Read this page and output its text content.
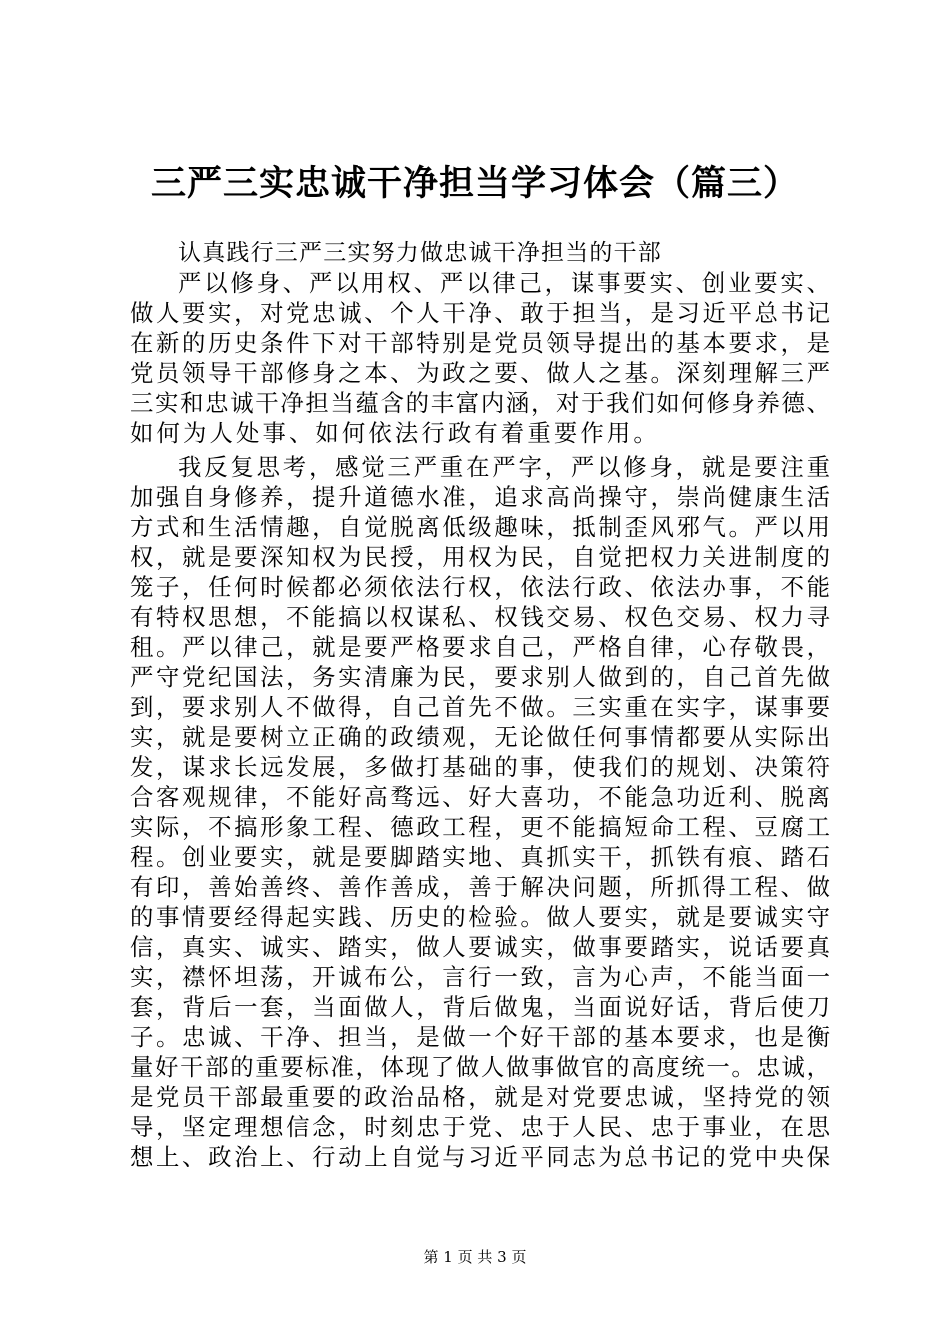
三严三实忠诚干净担当学习体会（篇三）
认真践行三严三实努力做忠诚干净担当的干部
严以修身、严以用权、严以律己，谋事要实、创业要实、
做人要实，对党忠诚、个人干净、敢于担当，是习近平总书记
在新的历史条件下对干部特别是党员领导提出的基本要求，是
党员领导干部修身之本、为政之要、做人之基。深刻理解三严
三实和忠诚干净担当蕴含的丰富内涵，对于我们如何修身养德、
如何为人处事、如何依法行政有着重要作用。
我反复思考，感觉三严重在严字，严以修身，就是要注重
加强自身修养，提升道德水准，追求高尚操守，崇尚健康生活
方式和生活情趣，自觉脱离低级趣味，抵制歪风邪气。严以用
权，就是要深知权为民授，用权为民，自觉把权力关进制度的
笼子，任何时候都必须依法行权，依法行政、依法办事，不能
有特权思想，不能搞以权谋私、权钱交易、权色交易、权力寻
租。严以律己，就是要严格要求自己，严格自律，心存敬畏，
严守党纪国法，务实清廉为民，要求别人做到的，自己首先做
到，要求别人不做得，自己首先不做。三实重在实字，谋事要
实，就是要树立正确的政绩观，无论做任何事情都要从实际出
发，谋求长远发展，多做打基础的事，使我们的规划、决策符
合客观规律，不能好高骛远、好大喜功，不能急功近利、脱离
实际，不搞形象工程、德政工程，更不能搞短命工程、豆腐工
程。创业要实，就是要脚踏实地、真抓实干，抓铁有痕、踏石
有印，善始善终、善作善成，善于解决问题，所抓得工程、做
的事情要经得起实践、历史的检验。做人要实，就是要诚实守
信，真实、诚实、踏实，做人要诚实，做事要踏实，说话要真
实，襟怀坦荡，开诚布公，言行一致，言为心声，不能当面一
套，背后一套，当面做人，背后做鬼，当面说好话，背后使刀
子。忠诚、干净、担当，是做一个好干部的基本要求，也是衡
量好干部的重要标准，体现了做人做事做官的高度统一。忠诚，
是党员干部最重要的政治品格，就是对党要忠诚，坚持党的领
导，坚定理想信念，时刻忠于党、忠于人民、忠于事业，在思
想上、政治上、行动上自觉与习近平同志为总书记的党中央保
第 1 页 共 3 页
